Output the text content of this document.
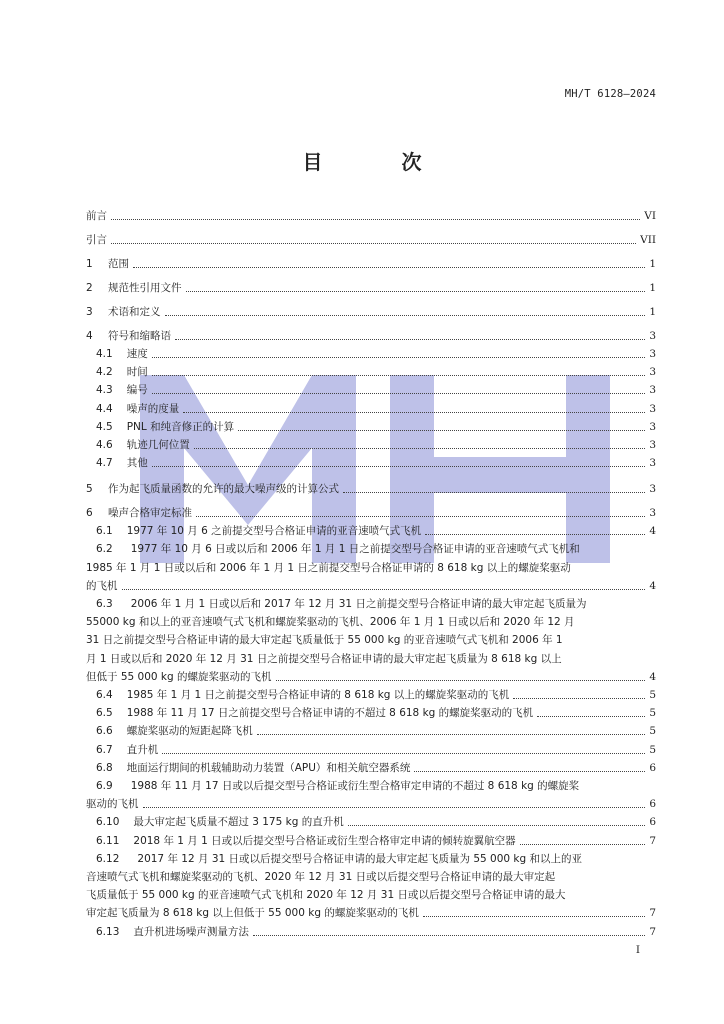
MH/T 6128—2024
目 次
前言	VI
引言	VII
1	范围	1
2	规范性引用文件	1
3	术语和定义	1
4	符号和缩略语	3
4.1 速度	3
4.2 时间	3
4.3 编号	3
4.4 噪声的度量	3
4.5 PNL 和纯音修正的计算	3
4.6 轨迹几何位置	3
4.7 其他	3
5	作为起飞质量函数的允许的最大噪声级的计算公式	3
6	噪声合格审定标准	3
6.1 1977 年 10 月 6 之前提交型号合格证申请的亚音速喷气式飞机	4
6.2 1977 年 10 月 6 日或以后和 2006 年 1 月 1 日之前提交型号合格证申请的亚音速喷气式飞机和
1985 年 1 月 1 日或以后和 2006 年 1 月 1 日之前提交型号合格证申请的 8 618 kg 以上的螺旋桨驱动
的飞机	4
6.3 2006 年 1 月 1 日或以后和 2017 年 12 月 31 日之前提交型号合格证申请的最大审定起飞质量为
55000 kg 和以上的亚音速喷气式飞机和螺旋桨驱动的飞机、2006 年 1 月 1 日或以后和 2020 年 12 月
31 日之前提交型号合格证申请的最大审定起飞质量低于 55 000 kg 的亚音速喷气式飞机和 2006 年 1
月 1 日或以后和 2020 年 12 月 31 日之前提交型号合格证申请的最大审定起飞质量为 8 618 kg 以上
但低于 55 000 kg 的螺旋桨驱动的飞机	4
6.4 1985 年 1 月 1 日之前提交型号合格证申请的 8 618 kg 以上的螺旋桨驱动的飞机	5
6.5 1988 年 11 月 17 日之前提交型号合格证申请的不超过 8 618 kg 的螺旋桨驱动的飞机	5
6.6 螺旋桨驱动的短距起降飞机	5
6.7 直升机	5
6.8 地面运行期间的机载辅助动力装置（APU）和相关航空器系统	6
6.9 1988 年 11 月 17 日或以后提交型号合格证或衍生型合格审定申请的不超过 8 618 kg 的螺旋桨
驱动的飞机	6
6.10 最大审定起飞质量不超过 3 175 kg 的直升机	6
6.11 2018 年 1 月 1 日或以后提交型号合格证或衍生型合格审定申请的倾转旋翼航空器	7
6.12 2017 年 12 月 31 日或以后提交型号合格证申请的最大审定起飞质量为 55 000 kg 和以上的亚
音速喷气式飞机和螺旋桨驱动的飞机、2020 年 12 月 31 日或以后提交型号合格证申请的最大审定起
飞质量低于 55 000 kg 的亚音速喷气式飞机和 2020 年 12 月 31 日或以后提交型号合格证申请的最大
审定起飞质量为 8 618 kg 以上但低于 55 000 kg 的螺旋桨驱动的飞机	7
6.13 直升机进场噪声测量方法	7
I
